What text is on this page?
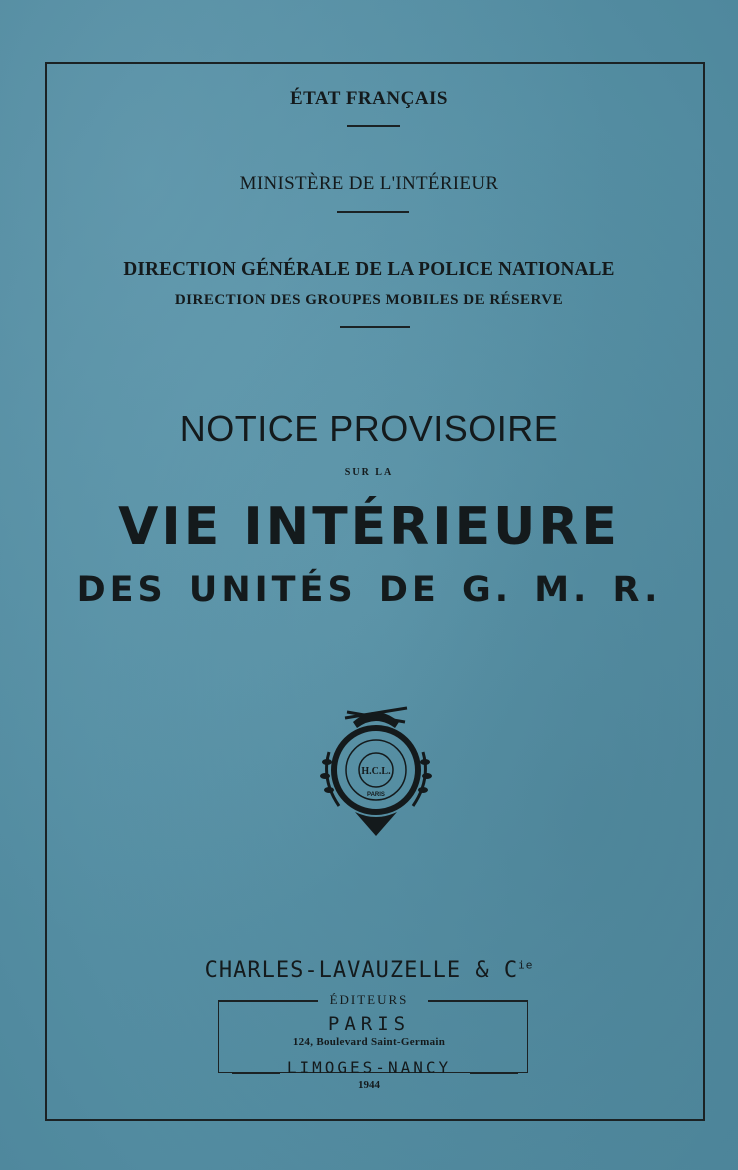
ÉTAT FRANÇAIS
MINISTÈRE DE L'INTÉRIEUR
DIRECTION GÉNÉRALE DE LA POLICE NATIONALE
DIRECTION DES GROUPES MOBILES DE RÉSERVE
NOTICE PROVISOIRE
SUR LA
VIE INTÉRIEURE
DES UNITÉS DE G. M. R.
H.C.L.
PARIS
CHARLES-LAVAUZELLE & $C^{ie}$
ÉDITEURS
PARIS
124, Boulevard Saint-Germain
LIMOGES-NANCY
1944
